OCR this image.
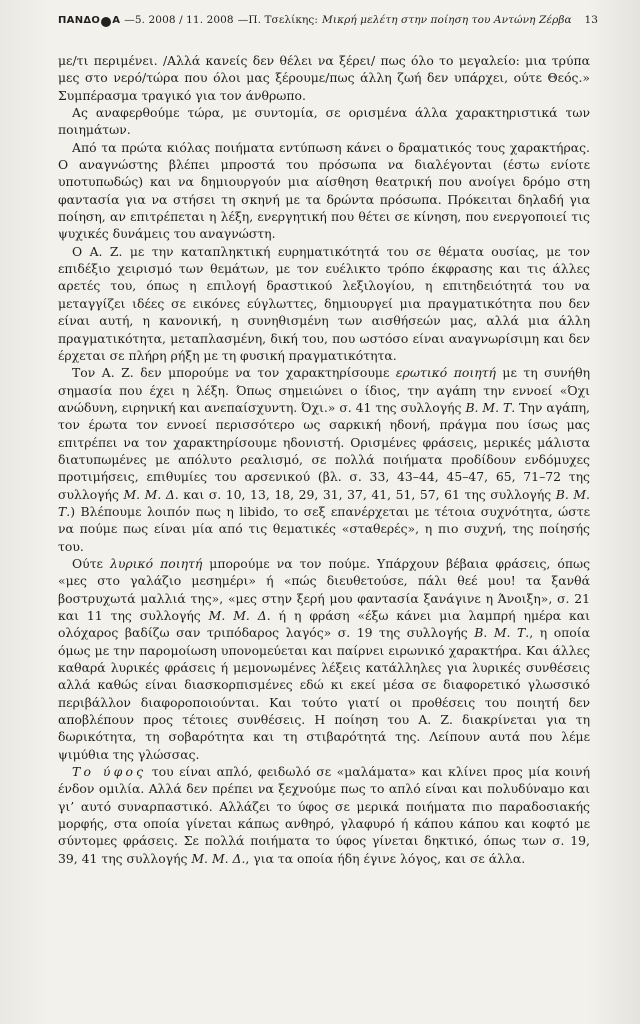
ΠΑΝΔΟ Α —5. 2008 / 11. 2008 —Π. Τσελίκης: Μικρή μελέτη στην ποίηση του Αντώνη Ζέρβα 13

με/τι περιμένει. /Αλλά κανείς δεν θέλει να ξέρει/ πως όλο το μεγαλείο: μια τρύπα μες στο νερό/τώρα που όλοι μας ξέρουμε/πως άλλη ζωή δεν υπάρχει, ούτε Θεός.» Συμπέρασμα τραγικό για τον άνθρωπο.

Ας αναφερθούμε τώρα, με συντομία, σε ορισμένα άλλα χαρακτηριστικά των ποιημάτων.

Από τα πρώτα κιόλας ποιήματα εντύπωση κάνει ο δραματικός τους χαρακτήρας. Ο αναγνώστης βλέπει μπροστά του πρόσωπα να διαλέγονται (έστω ενίοτε υποτυπωδώς) και να δημιουργούν μια αίσθηση θεατρική που ανοίγει δρόμο στη φαντασία για να στήσει τη σκηνή με τα δρώντα πρόσωπα. Πρόκειται δηλαδή για ποίηση, αν επιτρέπεται η λέξη, ενεργητική που θέτει σε κίνηση, που ενεργοποιεί τις ψυχικές δυνάμεις του αναγνώστη.

Ο Α. Ζ. με την καταπληκτική ευρηματικότητά του σε θέματα ουσίας, με τον επιδέξιο χειρισμό των θεμάτων, με τον ευέλικτο τρόπο έκφρασης και τις άλλες αρετές του, όπως η επιλογή δραστικού λεξιλογίου, η επιτηδειότητά του να μεταγγίζει ιδέες σε εικόνες εύγλωττες, δημιουργεί μια πραγματικότητα που δεν είναι αυτή, η κανονική, η συνηθισμένη των αισθήσεών μας, αλλά μια άλλη πραγματικότητα, μεταπλασμένη, δική του, που ωστόσο είναι αναγνωρίσιμη και δεν έρχεται σε πλήρη ρήξη με τη φυσική πραγματικότητα.

Τον Α. Ζ. δεν μπορούμε να τον χαρακτηρίσουμε ερωτικό ποιητή με τη συνήθη σημασία που έχει η λέξη. Όπως σημειώνει ο ίδιος, την αγάπη την εννοεί «Όχι ανώδυνη, ειρηνική και ανεπαίσχυντη. Όχι.» σ. 41 της συλλογής Β. Μ. Τ. Την αγάπη, τον έρωτα τον εννοεί περισσότερο ως σαρκική ηδονή, πράγμα που ίσως μας επιτρέπει να τον χαρακτηρίσουμε ηδονιστή. Ορισμένες φράσεις, μερικές μάλιστα διατυπωμένες με απόλυτο ρεαλισμό, σε πολλά ποιήματα προδίδουν ενδόμυχες προτιμήσεις, επιθυμίες του αρσενικού (βλ. σ. 33, 43–44, 45–47, 65, 71–72 της συλλογής Μ. Μ. Δ. και σ. 10, 13, 18, 29, 31, 37, 41, 51, 57, 61 της συλλογής Β. Μ. Τ.) Βλέπουμε λοιπόν πως η libido, το σεξ επανέρχεται με τέτοια συχνότητα, ώστε να πούμε πως είναι μία από τις θεματικές «σταθερές», η πιο συχνή, της ποίησής του.

Ούτε λυρικό ποιητή μπορούμε να τον πούμε. Υπάρχουν βέβαια φράσεις, όπως «μες στο γαλάζιο μεσημέρι» ή «πώς διευθετούσε, πάλι θεέ μου! τα ξανθά βοστρυχωτά μαλλιά της», «μες στην ξερή μου φαντασία ξανάγινε η Άνοιξη», σ. 21 και 11 της συλλογής Μ. Μ. Δ. ή η φράση «έξω κάνει μια λαμπρή ημέρα και ολόχαρος βαδίζω σαν τριπόδαρος λαγός» σ. 19 της συλλογής Β. Μ. Τ., η οποία όμως με την παρομοίωση υπονομεύεται και παίρνει ειρωνικό χαρακτήρα. Και άλλες καθαρά λυρικές φράσεις ή μεμονωμένες λέξεις κατάλληλες για λυρικές συνθέσεις αλλά καθώς είναι διασκορπισμένες εδώ κι εκεί μέσα σε διαφορετικό γλωσσικό περιβάλλον διαφοροποιούνται. Και τούτο γιατί οι προθέσεις του ποιητή δεν αποβλέπουν προς τέτοιες συνθέσεις. Η ποίηση του Α. Ζ. διακρίνεται για τη δωρικότητα, τη σοβαρότητα και τη στιβαρότητά της. Λείπουν αυτά που λέμε ψιμύθια της γλώσσας.

Το ύφος του είναι απλό, φειδωλό σε «μαλάματα» και κλίνει προς μία κοινή ένδον ομιλία. Αλλά δεν πρέπει να ξεχνούμε πως το απλό είναι και πολυδύναμο και γι’ αυτό συναρπαστικό. Αλλάζει το ύφος σε μερικά ποιήματα πιο παραδοσιακής μορφής, στα οποία γίνεται κάπως ανθηρό, γλαφυρό ή κάπου κάπου και κοφτό με σύντομες φράσεις. Σε πολλά ποιήματα το ύφος γίνεται δηκτικό, όπως των σ. 19, 39, 41 της συλλογής Μ. Μ. Δ., για τα οποία ήδη έγινε λόγος, και σε άλλα.
